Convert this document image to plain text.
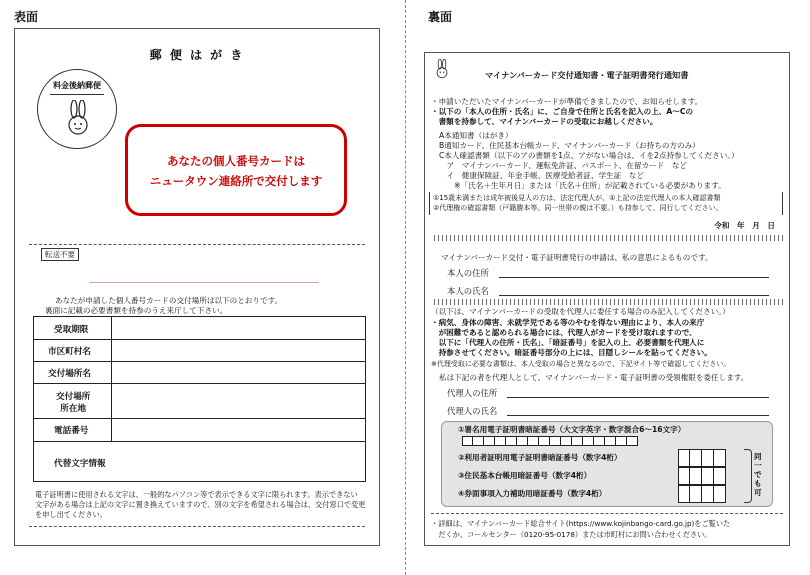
表面
郵 便 は が き
料金後納郵便
あなたの個人番号カードは
ニュータウン連絡所で交付します
転送不要
あなたが申請した個人番号カードの交付場所は以下のとおりです。
裏面に記載の必要書類を持参のうえ来庁して下さい。
受取期限
市区町村名
交付場所名
交付場所
所在地
電話番号
代替文字情報
電子証明書に使用される文字は、一般的なパソコン等で表示できる文字に限られます。表示できない
文字がある場合は上記の文字に置き換えていますので、別の文字を希望される場合は、交付窓口で変更
を申し出てください。
裏面
マイナンバーカード交付通知書・電子証明書発行通知書
・申請いただいたマイナンバーカードが準備できましたので、お知らせします。
・以下の「本人の住所・氏名」に、ご自身で住所と氏名を記入の上、A～Cの
　書類を持参して、マイナンバーカードの受取にお越しください。
A本通知書（はがき）
B通知カード、住民基本台帳カード、マイナンバーカード（お持ちの方のみ）
C本人確認書類（以下のアの書類を1点、アがない場合は、イを2点持参してください。）
　ア　マイナンバーカード、運転免許証、パスポート、在留カード　など
　イ　健康保険証、年金手帳、医療受給者証、学生証　など
　　※「氏名＋生年月日」または「氏名＋住所」が記載されている必要があります。
①15歳未満または成年被後見人の方は、法定代理人が、①上記の法定代理人の本人確認書類
②代理権の確認書類（戸籍謄本等。同一世帯の親は不要。）も持参して、同行してください。
令和　年　月　日
マイナンバーカード交付・電子証明書発行の申請は、私の意思によるものです。
本人の住所
本人の氏名
（以下は、マイナンバーカードの受取を代理人に委任する場合のみ記入してください。）
・病気、身体の障害、未就学児である等のやむを得ない理由により、本人の来庁
　が困難であると認められる場合には、代理人がカードを受け取れますので、
　以下に「代理人の住所・氏名」、「暗証番号」を記入の上、必要書類を代理人に
　持参させてください。暗証番号部分の上には、目隠しシールを貼ってください。
※代理受取に必要な書類は、本人受取の場合と異なるので、下記サイト等で確認してください。
私は下記の者を代理人として、マイナンバーカード・電子証明書の受領権限を委任します。
代理人の住所
代理人の氏名
①署名用電子証明書暗証番号（大文字英字・数字混合6～16文字）
②利用者証明用電子証明書暗証番号（数字4桁）
③住民基本台帳用暗証番号（数字4桁）
④券面事項入力補助用暗証番号（数字4桁）
同一でも可
・詳細は、マイナンバーカード総合サイト(https://www.kojinbango-card.go.jp)をご覧いた
　だくか、コールセンター（0120-95-0178）または市町村にお問い合わせください。
